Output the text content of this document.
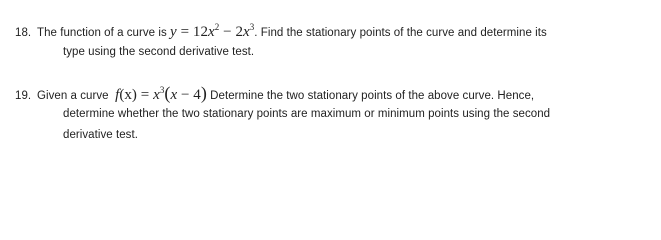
18. The function of a curve is $y = 12x^2 - 2x^3$. Find the stationary points of the curve and determine its
type using the second derivative test.
19. Given a curve $f(x) = x^3(x - 4)$ Determine the two stationary points of the above curve. Hence,
determine whether the two stationary points are maximum or minimum points using the second
derivative test.
